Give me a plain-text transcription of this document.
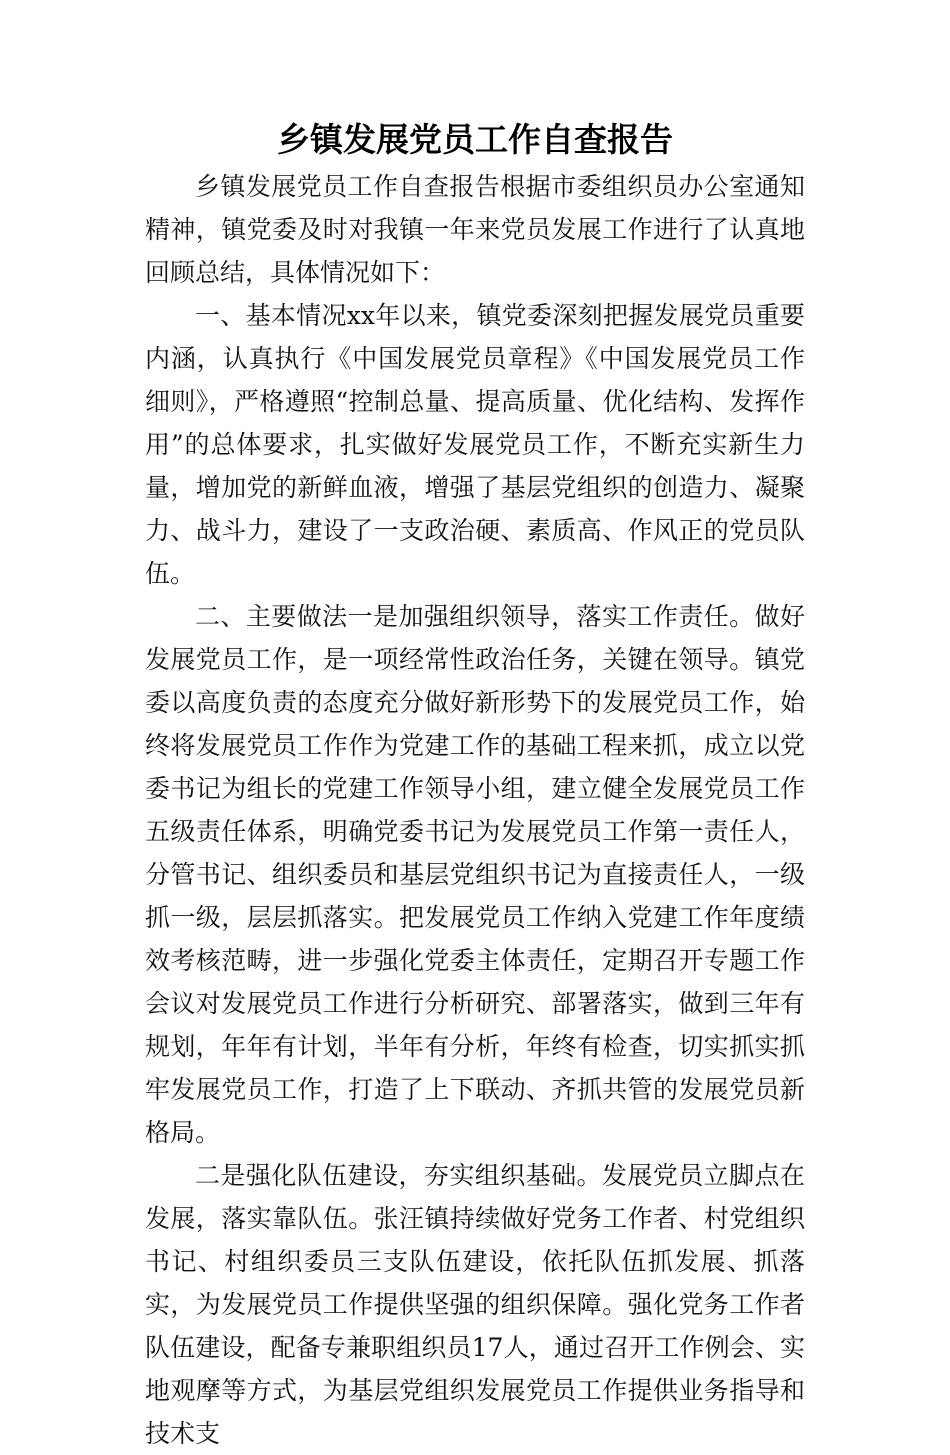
乡镇发展党员工作自查报告

乡镇发展党员工作自查报告根据市委组织员办公室通知精神，镇党委及时对我镇一年来党员发展工作进行了认真地回顾总结，具体情况如下：

一、基本情况xx年以来，镇党委深刻把握发展党员重要内涵，认真执行《中国发展党员章程》《中国发展党员工作细则》，严格遵照“控制总量、提高质量、优化结构、发挥作用”的总体要求，扎实做好发展党员工作，不断充实新生力量，增加党的新鲜血液，增强了基层党组织的创造力、凝聚力、战斗力，建设了一支政治硬、素质高、作风正的党员队伍。

二、主要做法一是加强组织领导，落实工作责任。做好发展党员工作，是一项经常性政治任务，关键在领导。镇党委以高度负责的态度充分做好新形势下的发展党员工作，始终将发展党员工作作为党建工作的基础工程来抓，成立以党委书记为组长的党建工作领导小组，建立健全发展党员工作五级责任体系，明确党委书记为发展党员工作第一责任人，分管书记、组织委员和基层党组织书记为直接责任人，一级抓一级，层层抓落实。把发展党员工作纳入党建工作年度绩效考核范畴，进一步强化党委主体责任，定期召开专题工作会议对发展党员工作进行分析研究、部署落实，做到三年有规划，年年有计划，半年有分析，年终有检查，切实抓实抓牢发展党员工作，打造了上下联动、齐抓共管的发展党员新格局。

二是强化队伍建设，夯实组织基础。发展党员立脚点在发展，落实靠队伍。张汪镇持续做好党务工作者、村党组织书记、村组织委员三支队伍建设，依托队伍抓发展、抓落实，为发展党员工作提供坚强的组织保障。强化党务工作者队伍建设，配备专兼职组织员17人，通过召开工作例会、实地观摩等方式，为基层党组织发展党员工作提供业务指导和技术支
